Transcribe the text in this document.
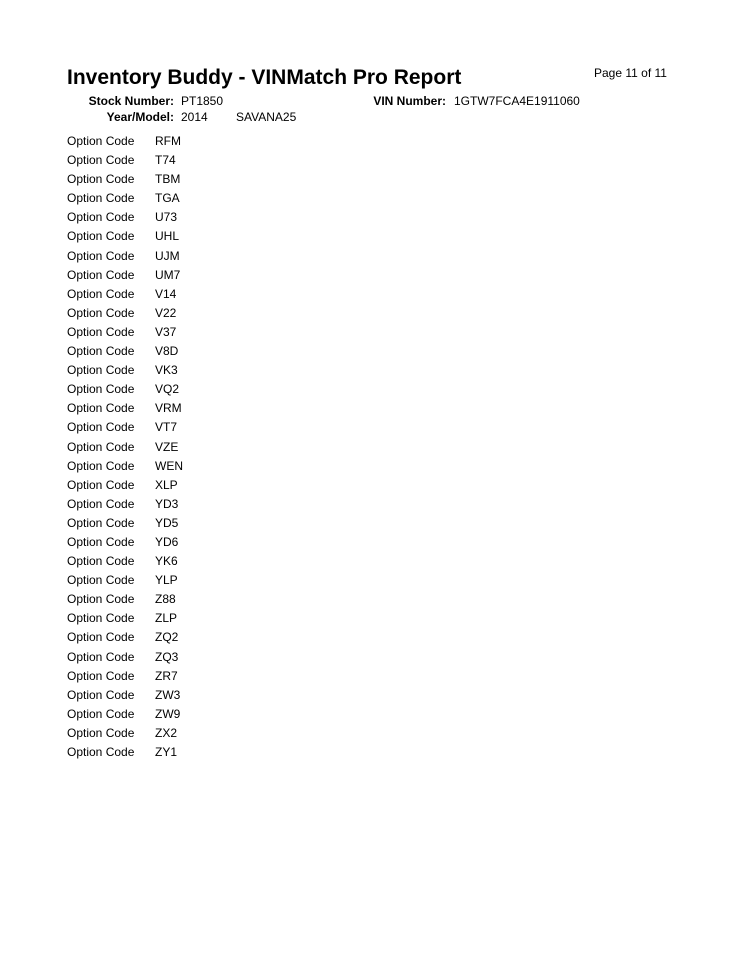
Inventory Buddy - VINMatch Pro Report	Page 11 of 11
Stock Number: PT1850	VIN Number: 1GTW7FCA4E1911060
Year/Model: 2014 SAVANA25
Option Code	RFM
Option Code	T74
Option Code	TBM
Option Code	TGA
Option Code	U73
Option Code	UHL
Option Code	UJM
Option Code	UM7
Option Code	V14
Option Code	V22
Option Code	V37
Option Code	V8D
Option Code	VK3
Option Code	VQ2
Option Code	VRM
Option Code	VT7
Option Code	VZE
Option Code	WEN
Option Code	XLP
Option Code	YD3
Option Code	YD5
Option Code	YD6
Option Code	YK6
Option Code	YLP
Option Code	Z88
Option Code	ZLP
Option Code	ZQ2
Option Code	ZQ3
Option Code	ZR7
Option Code	ZW3
Option Code	ZW9
Option Code	ZX2
Option Code	ZY1
